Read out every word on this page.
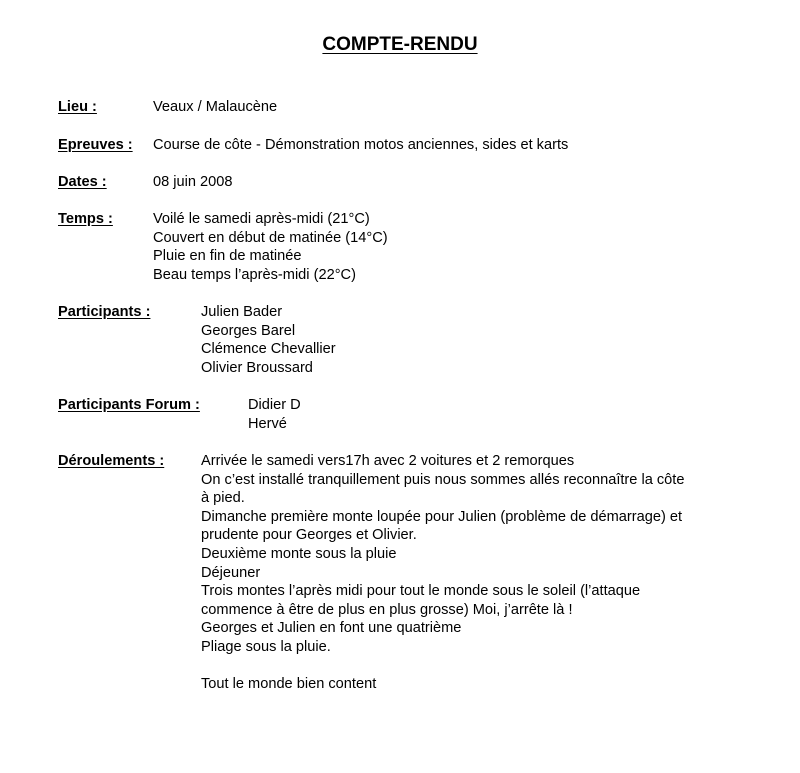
COMPTE-RENDU
Lieu :	Veaux / Malaucène
Epreuves : Course de côte - Démonstration motos anciennes, sides et karts
Dates :	08 juin 2008
Temps :	Voilé le samedi après-midi (21°C)
Couvert en début de matinée (14°C)
Pluie en fin de matinée
Beau temps l’après-midi (22°C)
Participants :	Julien Bader
Georges Barel
Clémence Chevallier
Olivier Broussard
Participants Forum :	Didier D
Hervé
Déroulements :	Arrivée le samedi vers17h avec 2 voitures et 2 remorques
On c’est installé tranquillement puis nous sommes allés reconnaître la côte
à pied.
Dimanche première monte loupée pour Julien (problème de démarrage) et
prudente pour Georges et Olivier.
Deuxième monte sous la pluie
Déjeuner
Trois montes l’après midi pour tout le monde sous le soleil (l’attaque
commence à être de plus en plus grosse) Moi, j’arrête là !
Georges et Julien en font une quatrième
Pliage sous la pluie.

Tout le monde bien content
